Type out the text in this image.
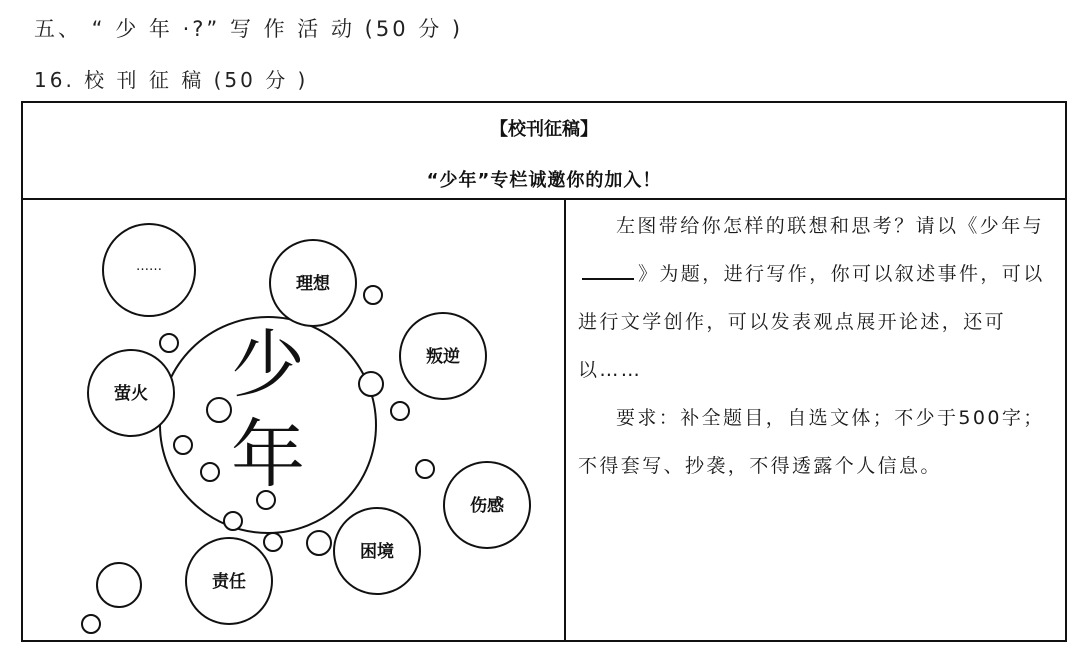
五、 “ 少 年 ·?” 写 作 活 动 (50 分 )
16. 校 刊 征 稿 (50 分 )
【校刊征稿】
“少年”专栏诚邀你的加入！
……
理想
叛逆
萤火
伤感
困境
责任
少年
左图带给你怎样的联想和思考？请以《少年与》为题，进行写作，你可以叙述事件，可以进行文学创作，可以发表观点展开论述，还可以……
要求：补全题目，自选文体；不少于500字；不得套写、抄袭，不得透露个人信息。
